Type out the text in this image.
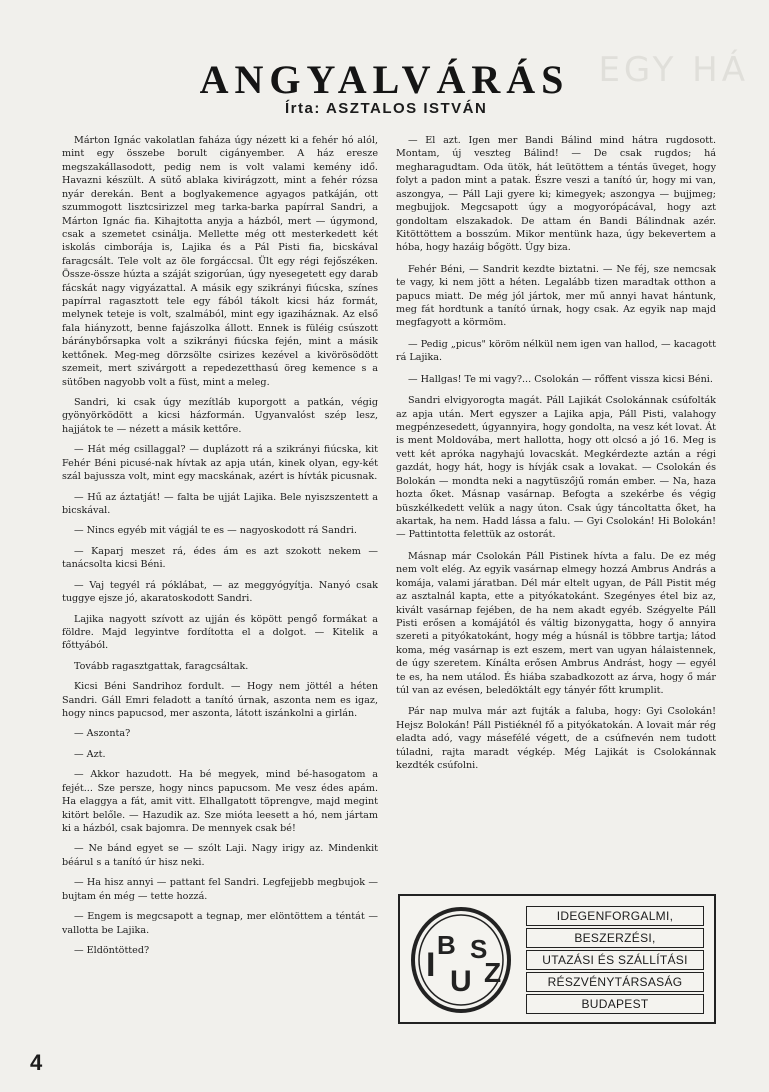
EGY HÁ
ANGYALVÁRÁS
Írta: ASZTALOS ISTVÁN

Márton Ignác vakolatlan faháza úgy nézett ki a fehér hó alól, mint egy összebe borult cigányember. A ház eresze megszakállasodott, pedig nem is volt valami kemény idő. Havazni készült. A sütő ablaka kivirágzott, mint a fehér rózsa nyár derekán. Bent a boglyakemence agyagos patkáján, ott szummogott lisztcsirizzel meg tarka-barka papírral Sandri, a Márton Ignác fia. Kihajtotta anyja a házból, mert — úgymond, csak a szemetet csinálja. Mellette még ott mesterkedett két iskolás cimborája is, Lajika és a Pál Pisti fia, bicskával faragcsált. Tele volt az öle forgáccsal. Ült egy régi fejőszéken. Össze-össze húzta a száját szigorúan, úgy nyesegetett egy darab fácskát nagy vigyázattal. A másik egy szikrányi fiúcska, színes papírral ragasztott tele egy fából tákolt kicsi ház formát, melynek teteje is volt, szalmából, mint egy igaziháznak. Az első fala hiányzott, benne fajászolka állott. Ennek is füléig csúszott báránybőrsapka volt a szikrányi fiúcska fején, mint a másik kettőnek. Meg-meg dörzsölte csirizes kezével a kivörösödött szemeit, mert szivárgott a repedezetthasú öreg kemence s a sütőben nagyobb volt a füst, mint a meleg.

Sandri, ki csak úgy mezítláb kuporgott a patkán, végig gyönyörködött a kicsi házformán. Ugyanvalóst szép lesz, hajjátok te — nézett a másik kettőre.

— Hát még csillaggal? — duplázott rá a szikrányi fiúcska, kit Fehér Béni picusé-nak hívtak az apja után, kinek olyan, egy-két szál bajussza volt, mint egy macskának, azért is hívták picusnak.

— Hű az áztatját! — falta be ujját Lajika. Bele nyiszszentett a bicskával.

— Nincs egyéb mit vágjál te es — nagyoskodott rá Sandri.

— Kaparj meszet rá, édes ám es azt szokott nekem — tanácsolta kicsi Béni.

— Vaj tegyél rá póklábat, — az meggyógyítja. Nanyó csak tuggye ejsze jó, akaratoskodott Sandri.

Lajika nagyott szívott az ujján és köpött pengő formákat a földre. Majd legyintve fordította el a dolgot. — Kitelik a főttyából.

Tovább ragasztgattak, faragcsáltak.

Kicsi Béni Sandrihoz fordult. — Hogy nem jöttél a héten Sandri. Gáll Emri feladott a tanító úrnak, aszonta nem es igaz, hogy nincs papucsod, mer aszonta, látott iszánkolni a girlán.

— Aszonta?

— Azt.

— Akkor hazudott. Ha bé megyek, mind bé-hasogatom a fejét... Sze persze, hogy nincs papucsom. Me vesz édes apám. Ha elaggya a fát, amit vitt. Elhallgatott töprengve, majd megint kitört belőle. — Hazudik az. Sze mióta leesett a hó, nem jártam ki a házból, csak bajomra. De mennyek csak bé!

— Ne bánd egyet se — szólt Laji. Nagy irigy az. Mindenkit béárul s a tanító úr hisz neki.

— Ha hisz annyi — pattant fel Sandri. Legfejjebb megbujok — bujtam én még — tette hozzá.

— Engem is megcsapott a tegnap, mer elöntöttem a téntát — vallotta be Lajika.

— Eldöntötted?

— El azt. Igen mer Bandi Bálind mind hátra rugdosott. Montam, új veszteg Bálind! — De csak rugdos; há megharagudtam. Oda ütök, hát leütöttem a téntás üveget, hogy folyt a padon mint a patak. Észre veszi a tanító úr, hogy mi van, aszongya, — Páll Laji gyere ki; kimegyek; aszongya — bujjmeg; megbujjok. Megcsapott úgy a mogyorópácával, hogy azt gondoltam elszakadok. De attam én Bandi Bálindnak azér. Kitöttöttem a bosszúm. Mikor mentünk haza, úgy bekevertem a hóba, hogy hazáig bőgött. Úgy biza.

Fehér Béni, — Sandrit kezdte biztatni. — Ne féj, sze nemcsak te vagy, ki nem jött a héten. Legalább tizen maradtak otthon a papucs miatt. De még jól jártok, mer mű annyi havat hántunk, meg fát hordtunk a tanító úrnak, hogy csak. Az egyik nap majd megfagyott a körmöm.

— Pedig „picus" köröm nélkül nem igen van hallod, — kacagott rá Lajika.

— Hallgas! Te mi vagy?... Csolokán — rőffent vissza kicsi Béni.

Sandri elvigyorogta magát. Páll Lajikát Csolokánnak csúfolták az apja után. Mert egyszer a Lajika apja, Páll Pisti, valahogy megpénzesedett, úgyannyira, hogy gondolta, na vesz két lovat. Át is ment Moldovába, mert hallotta, hogy ott olcsó a jó 16. Meg is vett két apróka nagyhajú lovacskát. Megkérdezte aztán a régi gazdát, hogy hát, hogy is hívják csak a lovakat. — Csolokán és Bolokán — mondta neki a nagytüszőjű román ember. — Na, haza hozta őket. Másnap vasárnap. Befogta a szekérbe és végig büszkélkedett velük a nagy úton. Csak úgy táncoltatta őket, ha akartak, ha nem. Hadd lássa a falu. — Gyi Csolokán! Hi Bolokán! — Pattintotta felettük az ostorát.

Másnap már Csolokán Páll Pistinek hívta a falu. De ez még nem volt elég. Az egyik vasárnap elmegy hozzá Ambrus András a komája, valami járatban. Dél már eltelt ugyan, de Páll Pistit még az asztalnál kapta, ette a pityókatokánt. Szegényes étel biz az, kivált vasárnap fejében, de ha nem akadt egyéb. Szégyelte Páll Pisti erősen a komájától és váltig bizonygatta, hogy ő annyira szereti a pityókatokánt, hogy még a húsnál is többre tartja; látod koma, még vasárnap is ezt eszem, mert van ugyan hálaistennek, de úgy szeretem. Kínálta erősen Ambrus Andrást, hogy — egyél te es, ha nem utálod. És hiába szabadkozott az árva, hogy ő már túl van az evésen, beledöktált egy tányér főtt krumplit.

Pár nap mulva már azt fujták a faluba, hogy: Gyi Csolokán! Hejsz Bolokán! Páll Pistiéknél fő a pityókatokán. A lovait már rég eladta adó, vagy másefélé végett, de a csúfnevén nem tudott túladni, rajta maradt végkép. Még Lajikát is Csolokánnak kezdték csúfolni.

I
B
U
S
Z
IDEGENFORGALMI,
BESZERZÉSI,
UTAZÁSI ÉS SZÁLLÍTÁSI
RÉSZVÉNYTÁRSASÁG
BUDAPEST
4
